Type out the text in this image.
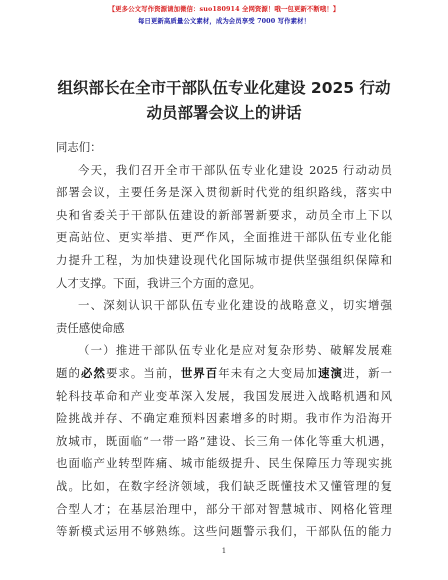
【更多公文写作资源请加微信：suo180914 全网资源！哦一包更新不断哦！】
每日更新高质量公文素材，成为会员享受 7000 写作素材！
组织部长在全市干部队伍专业化建设 2025 行动
动员部署会议上的讲话
同志们：
今天，我们召开全市干部队伍专业化建设 2025 行动动员
部署会议，主要任务是深入贯彻新时代党的组织路线，落实中
央和省委关于干部队伍建设的新部署新要求，动员全市上下以
更高站位、更实举措、更严作风，全面推进干部队伍专业化能
力提升工程，为加快建设现代化国际城市提供坚强组织保障和
人才支撑。下面，我讲三个方面的意见。
一、深刻认识干部队伍专业化建设的战略意义，切实增强
责任感使命感
（一）推进干部队伍专业化是应对复杂形势、破解发展难
题的必然要求。当前，世界百年未有之大变局加速演进，新一
轮科技革命和产业变革深入发展，我国发展进入战略机遇和风
险挑战并存、不确定难预料因素增多的时期。我市作为沿海开
放城市，既面临“一带一路”建设、长三角一体化等重大机遇，
也面临产业转型阵痛、城市能级提升、民生保障压力等现实挑
战。比如，在数字经济领域，我们缺乏既懂技术又懂管理的复
合型人才；在基层治理中，部分干部对智慧城市、网格化管理
等新模式运用不够熟练。这些问题警示我们，干部队伍的能力
1
